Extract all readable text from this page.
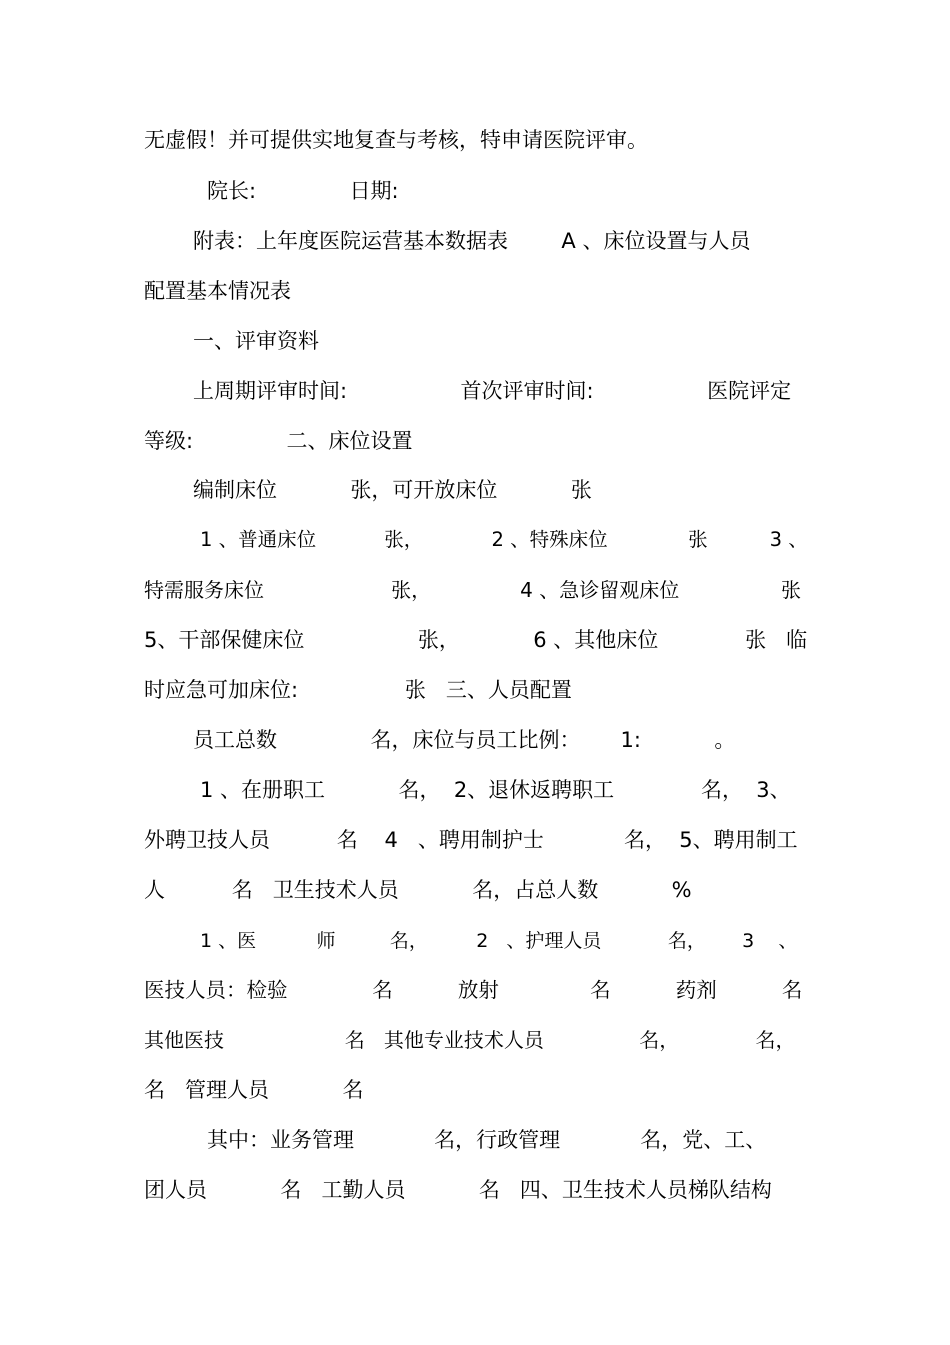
无虚假！并可提供实地复查与考核，特申请医院评审。
院长:              日期:
附表：上年度医院运营基本数据表        A 、床位设置与人员
配置基本情况表
一、评审资料
上周期评审时间:                 首次评审时间:                 医院评定
等级:              二、床位设置
编制床位           张，可开放床位           张
1 、普通床位           张，           2 、特殊床位             张          3 、
特需服务床位                    张，              4 、急诊留观床位                张
5、干部保健床位                 张，           6 、其他床位             张   临
时应急可加床位:                张   三、人员配置
员工总数              名，床位与员工比例：      1:           。
1 、在册职工           名，  2、退休返聘职工             名，  3、
外聘卫技人员          名    4   、聘用制护士            名，  5、聘用制工
人          名   卫生技术人员           名，占总人数           %
1 、医          师         名，        2   、护理人员           名，      3    、
医技人员：检验             名          放射              名          药剂          名
其他医技                   名   其他专业技术人员               名，            名，
名   管理人员           名
其中：业务管理            名，行政管理            名，党、工、
团人员           名   工勤人员           名   四、卫生技术人员梯队结构
